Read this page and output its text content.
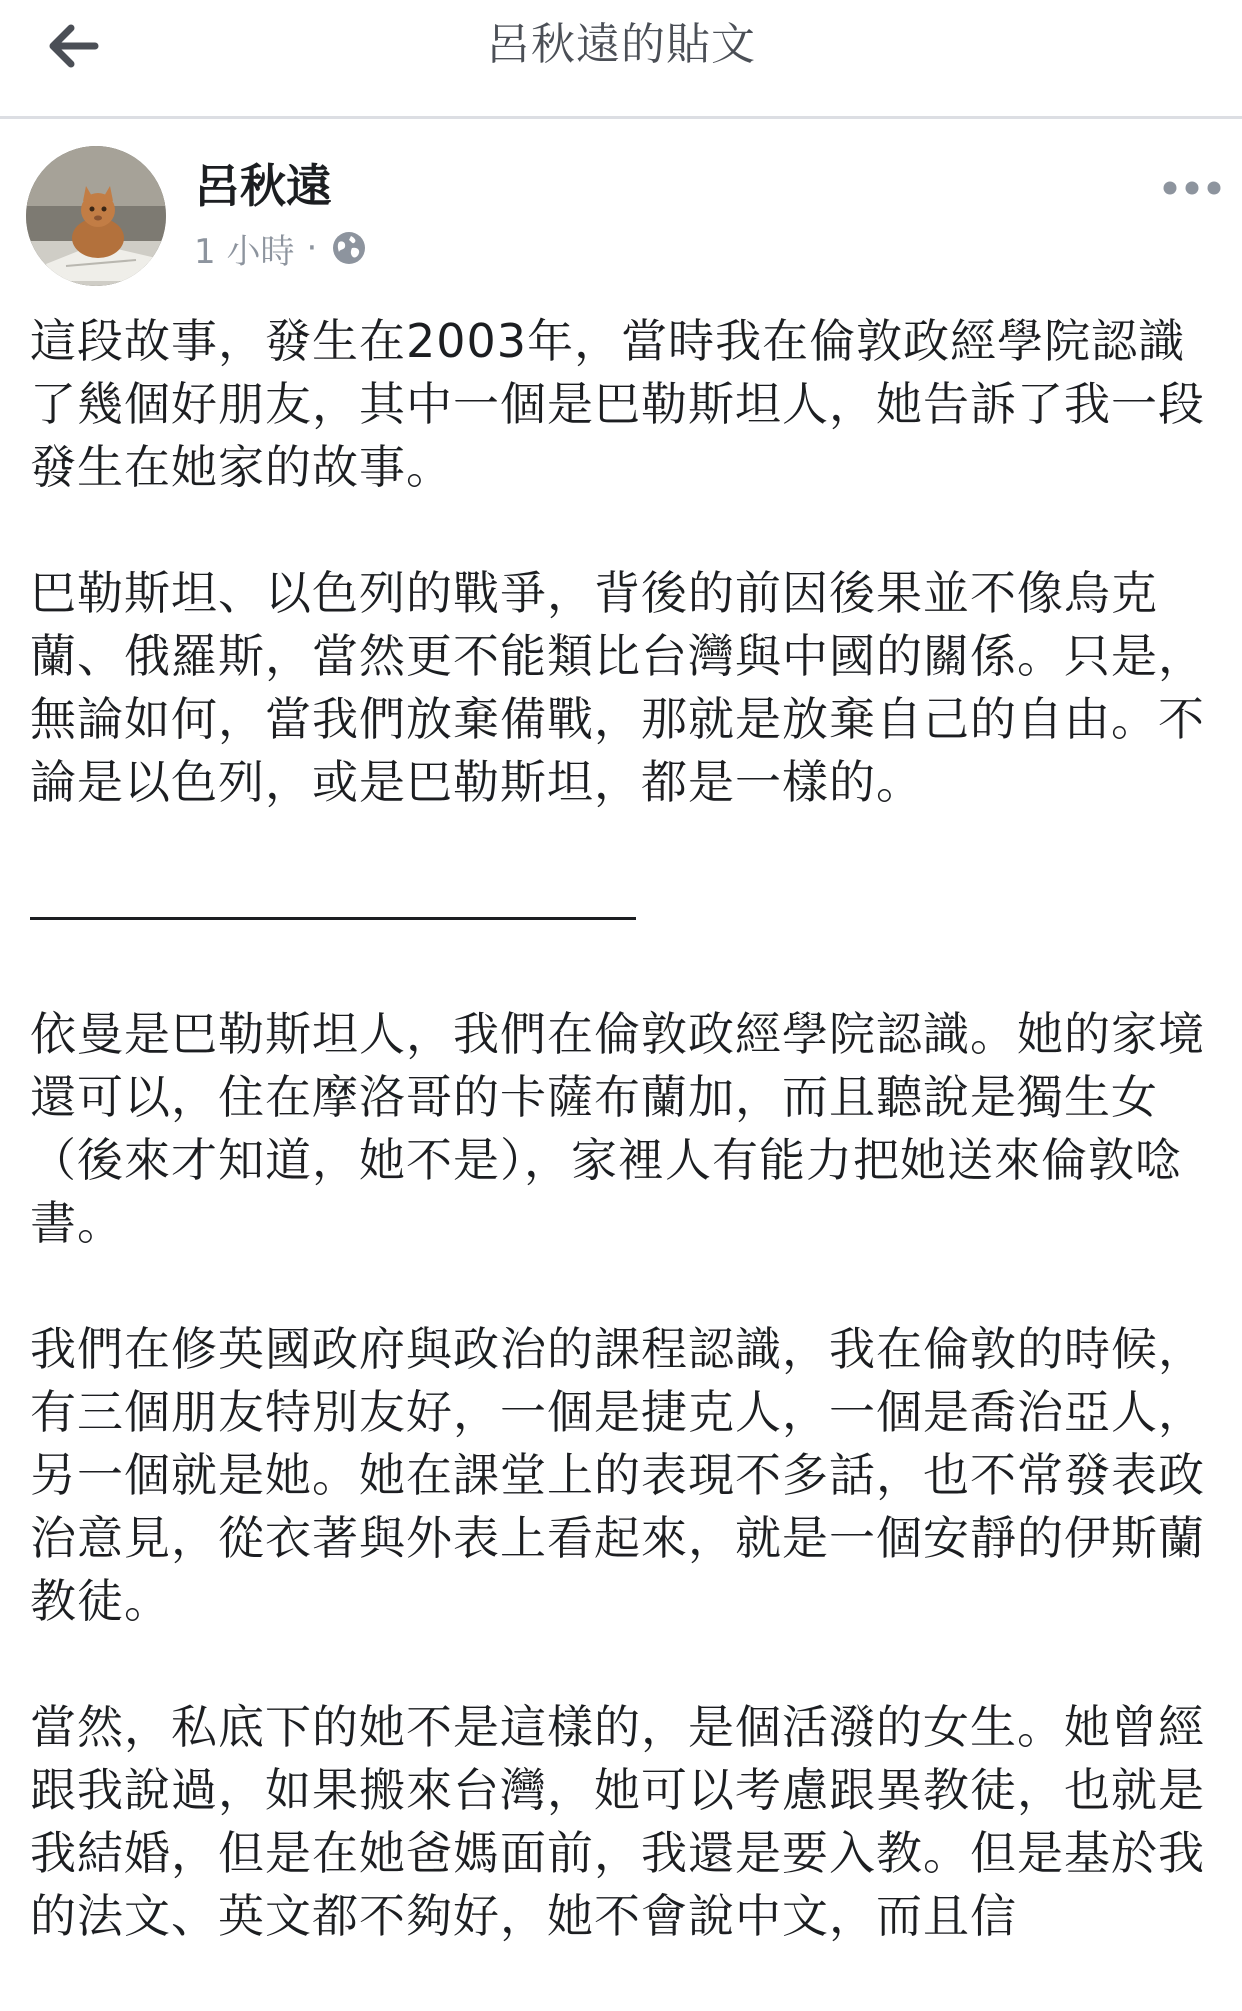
呂秋遠的貼文
呂秋遠
1 小時 ·

這段故事，發生在2003年，當時我在倫敦政經學院認識了幾個好朋友，其中一個是巴勒斯坦人，她告訴了我一段發生在她家的故事。

巴勒斯坦、以色列的戰爭，背後的前因後果並不像烏克蘭、俄羅斯，當然更不能類比台灣與中國的關係。只是，無論如何，當我們放棄備戰，那就是放棄自己的自由。不論是以色列，或是巴勒斯坦，都是一樣的。

依曼是巴勒斯坦人，我們在倫敦政經學院認識。她的家境還可以，住在摩洛哥的卡薩布蘭加，而且聽說是獨生女（後來才知道，她不是），家裡人有能力把她送來倫敦唸書。

我們在修英國政府與政治的課程認識，我在倫敦的時候，有三個朋友特別友好，一個是捷克人，一個是喬治亞人，另一個就是她。她在課堂上的表現不多話，也不常發表政治意見，從衣著與外表上看起來，就是一個安靜的伊斯蘭教徒。

當然，私底下的她不是這樣的，是個活潑的女生。她曾經跟我說過，如果搬來台灣，她可以考慮跟異教徒，也就是我結婚，但是在她爸媽面前，我還是要入教。但是基於我的法文、英文都不夠好，她不會說中文，而且信
